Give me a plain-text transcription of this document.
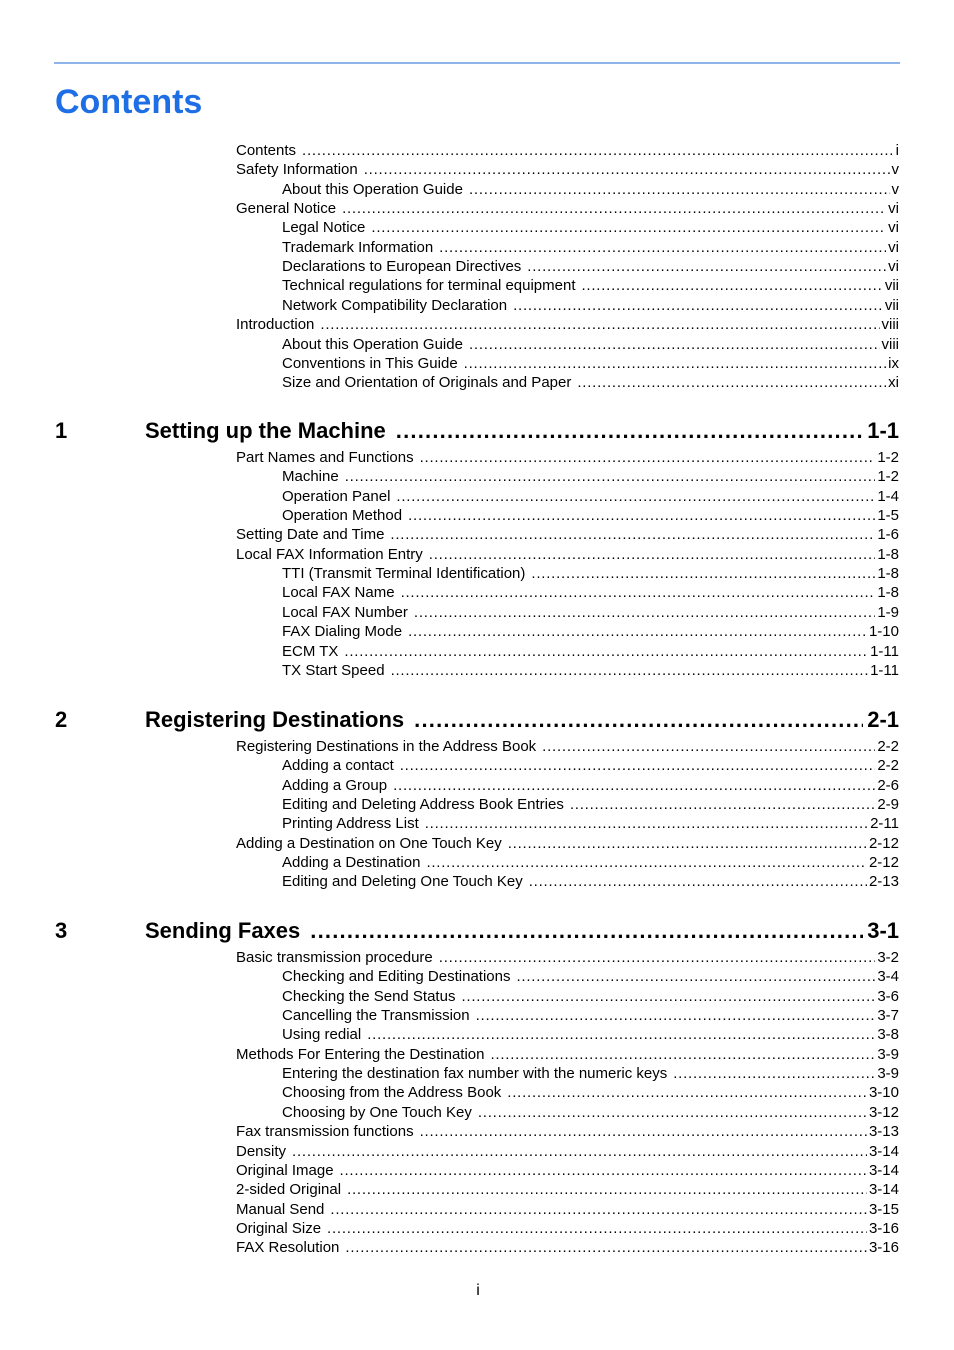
Contents
Contents . . .	i
Safety Information . . .	v
About this Operation Guide . . .	v
General Notice . . .	vi
Legal Notice . . .	vi
Trademark Information . . .	vi
Declarations to European Directives . . .	vi
Technical regulations for terminal equipment . . .	vii
Network Compatibility Declaration . . .	vii
Introduction . . .	viii
About this Operation Guide . . .	viii
Conventions in This Guide . . .	ix
Size and Orientation of Originals and Paper . . .	xi
1	Setting up the Machine .....	1-1
Part Names and Functions . . .	1-2
Machine . . .	1-2
Operation Panel . . .	1-4
Operation Method . . .	1-5
Setting Date and Time . . .	1-6
Local FAX Information Entry . . .	1-8
TTI (Transmit Terminal Identification) . . .	1-8
Local FAX Name . . .	1-8
Local FAX Number . . .	1-9
FAX Dialing Mode . . .	1-10
ECM TX . . .	1-11
TX Start Speed . . .	1-11
2	Registering Destinations .....	2-1
Registering Destinations in the Address Book . . .	2-2
Adding a contact . . .	2-2
Adding a Group . . .	2-6
Editing and Deleting Address Book Entries . . .	2-9
Printing Address List . . .	2-11
Adding a Destination on One Touch Key . . .	2-12
Adding a Destination . . .	2-12
Editing and Deleting One Touch Key . . .	2-13
3	Sending Faxes .....	3-1
Basic transmission procedure . . .	3-2
Checking and Editing Destinations . . .	3-4
Checking the Send Status . . .	3-6
Cancelling the Transmission . . .	3-7
Using redial . . .	3-8
Methods For Entering the Destination . . .	3-9
Entering the destination fax number with the numeric keys . . .	3-9
Choosing from the Address Book . . .	3-10
Choosing by One Touch Key . . .	3-12
Fax transmission functions . . .	3-13
Density . . .	3-14
Original Image . . .	3-14
2-sided Original . . .	3-14
Manual Send . . .	3-15
Original Size . . .	3-16
FAX Resolution . . .	3-16
i
